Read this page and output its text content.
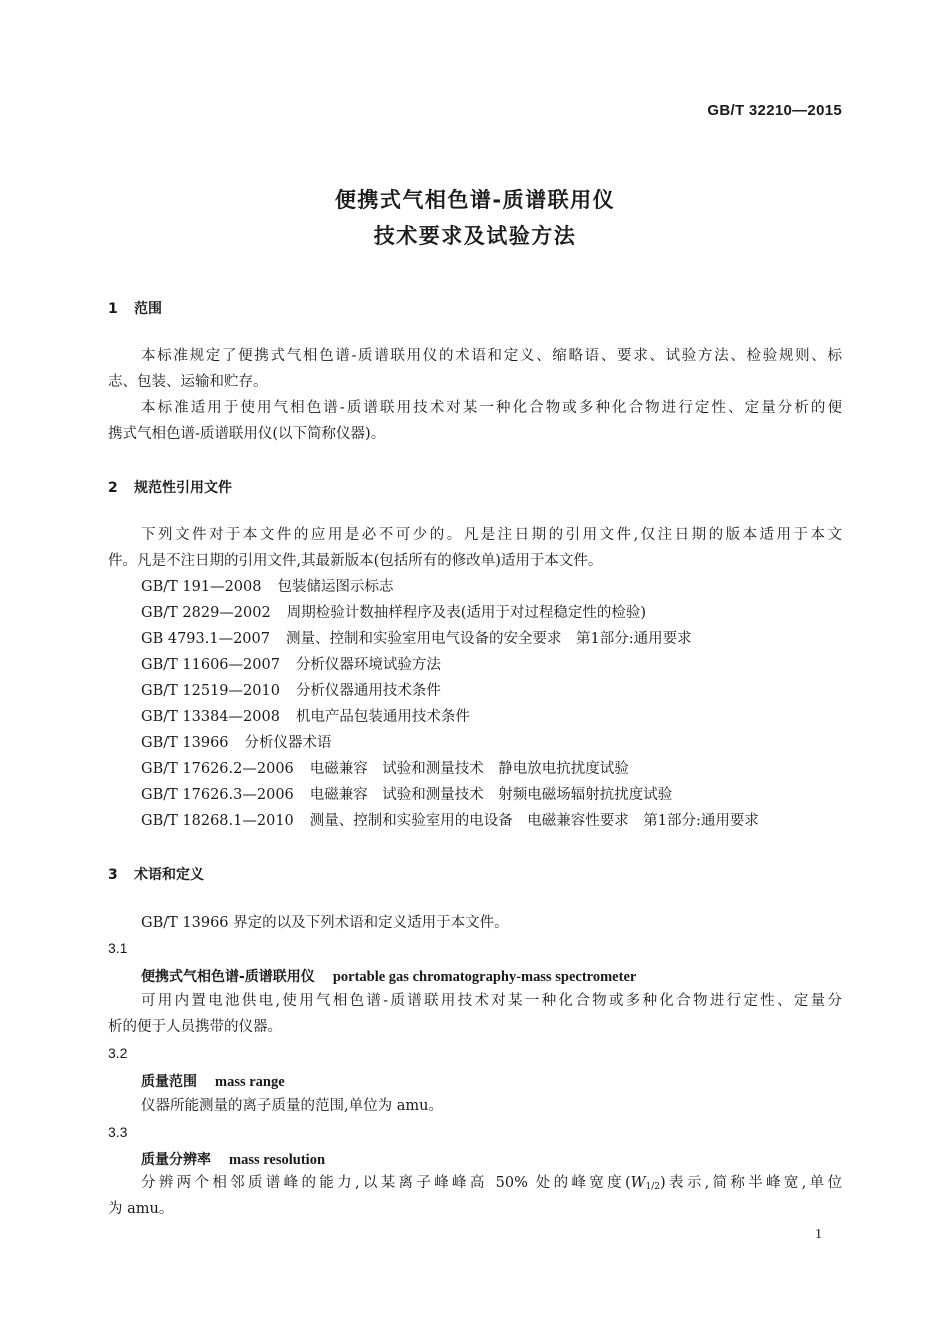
GB/T 32210—2015
便携式气相色谱-质谱联用仪
技术要求及试验方法
1 范围
本标准规定了便携式气相色谱-质谱联用仪的术语和定义、缩略语、要求、试验方法、检验规则、标
志、包装、运输和贮存。
本标准适用于使用气相色谱-质谱联用技术对某一种化合物或多种化合物进行定性、定量分析的便
携式气相色谱-质谱联用仪(以下简称仪器)。
2 规范性引用文件
下列文件对于本文件的应用是必不可少的。凡是注日期的引用文件,仅注日期的版本适用于本文
件。凡是不注日期的引用文件,其最新版本(包括所有的修改单)适用于本文件。
GB/T 191—2008 包装储运图示标志
GB/T 2829—2002 周期检验计数抽样程序及表(适用于对过程稳定性的检验)
GB 4793.1—2007 测量、控制和实验室用电气设备的安全要求　第1部分:通用要求
GB/T 11606—2007 分析仪器环境试验方法
GB/T 12519—2010 分析仪器通用技术条件
GB/T 13384—2008 机电产品包装通用技术条件
GB/T 13966 分析仪器术语
GB/T 17626.2—2006 电磁兼容　试验和测量技术　静电放电抗扰度试验
GB/T 17626.3—2006 电磁兼容　试验和测量技术　射频电磁场辐射抗扰度试验
GB/T 18268.1—2010 测量、控制和实验室用的电设备　电磁兼容性要求　第1部分:通用要求
3 术语和定义
GB/T 13966 界定的以及下列术语和定义适用于本文件。
3.1
便携式气相色谱-质谱联用仪 portable gas chromatography-mass spectrometer
可用内置电池供电,使用气相色谱-质谱联用技术对某一种化合物或多种化合物进行定性、定量分
析的便于人员携带的仪器。
3.2
质量范围 mass range
仪器所能测量的离子质量的范围,单位为 amu。
3.3
质量分辨率 mass resolution
分辨两个相邻质谱峰的能力,以某离子峰峰高 50% 处的峰宽度$(W_{1/2})$表示,简称半峰宽,单位
为 amu。
1
